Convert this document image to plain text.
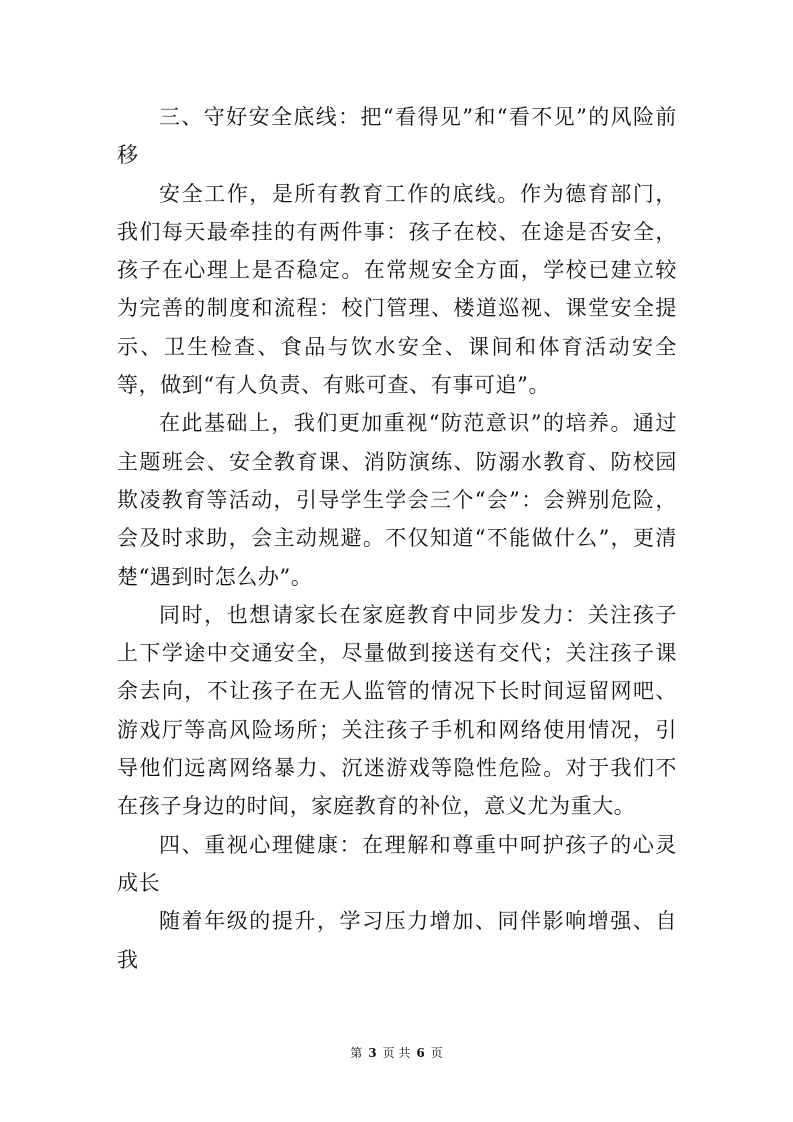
三、守好安全底线：把“看得见”和“看不见”的风险前移

安全工作，是所有教育工作的底线。作为德育部门，我们每天最牵挂的有两件事：孩子在校、在途是否安全，孩子在心理上是否稳定。在常规安全方面，学校已建立较为完善的制度和流程：校门管理、楼道巡视、课堂安全提示、卫生检查、食品与饮水安全、课间和体育活动安全等，做到“有人负责、有账可查、有事可追”。

在此基础上，我们更加重视“防范意识”的培养。通过主题班会、安全教育课、消防演练、防溺水教育、防校园欺凌教育等活动，引导学生学会三个“会”：会辨别危险，会及时求助，会主动规避。不仅知道“不能做什么”，更清楚“遇到时怎么办”。

同时，也想请家长在家庭教育中同步发力：关注孩子上下学途中交通安全，尽量做到接送有交代；关注孩子课余去向，不让孩子在无人监管的情况下长时间逗留网吧、游戏厅等高风险场所；关注孩子手机和网络使用情况，引导他们远离网络暴力、沉迷游戏等隐性危险。对于我们不在孩子身边的时间，家庭教育的补位，意义尤为重大。

四、重视心理健康：在理解和尊重中呵护孩子的心灵成长

随着年级的提升，学习压力增加、同伴影响增强、自我

第 3 页 共 6 页
